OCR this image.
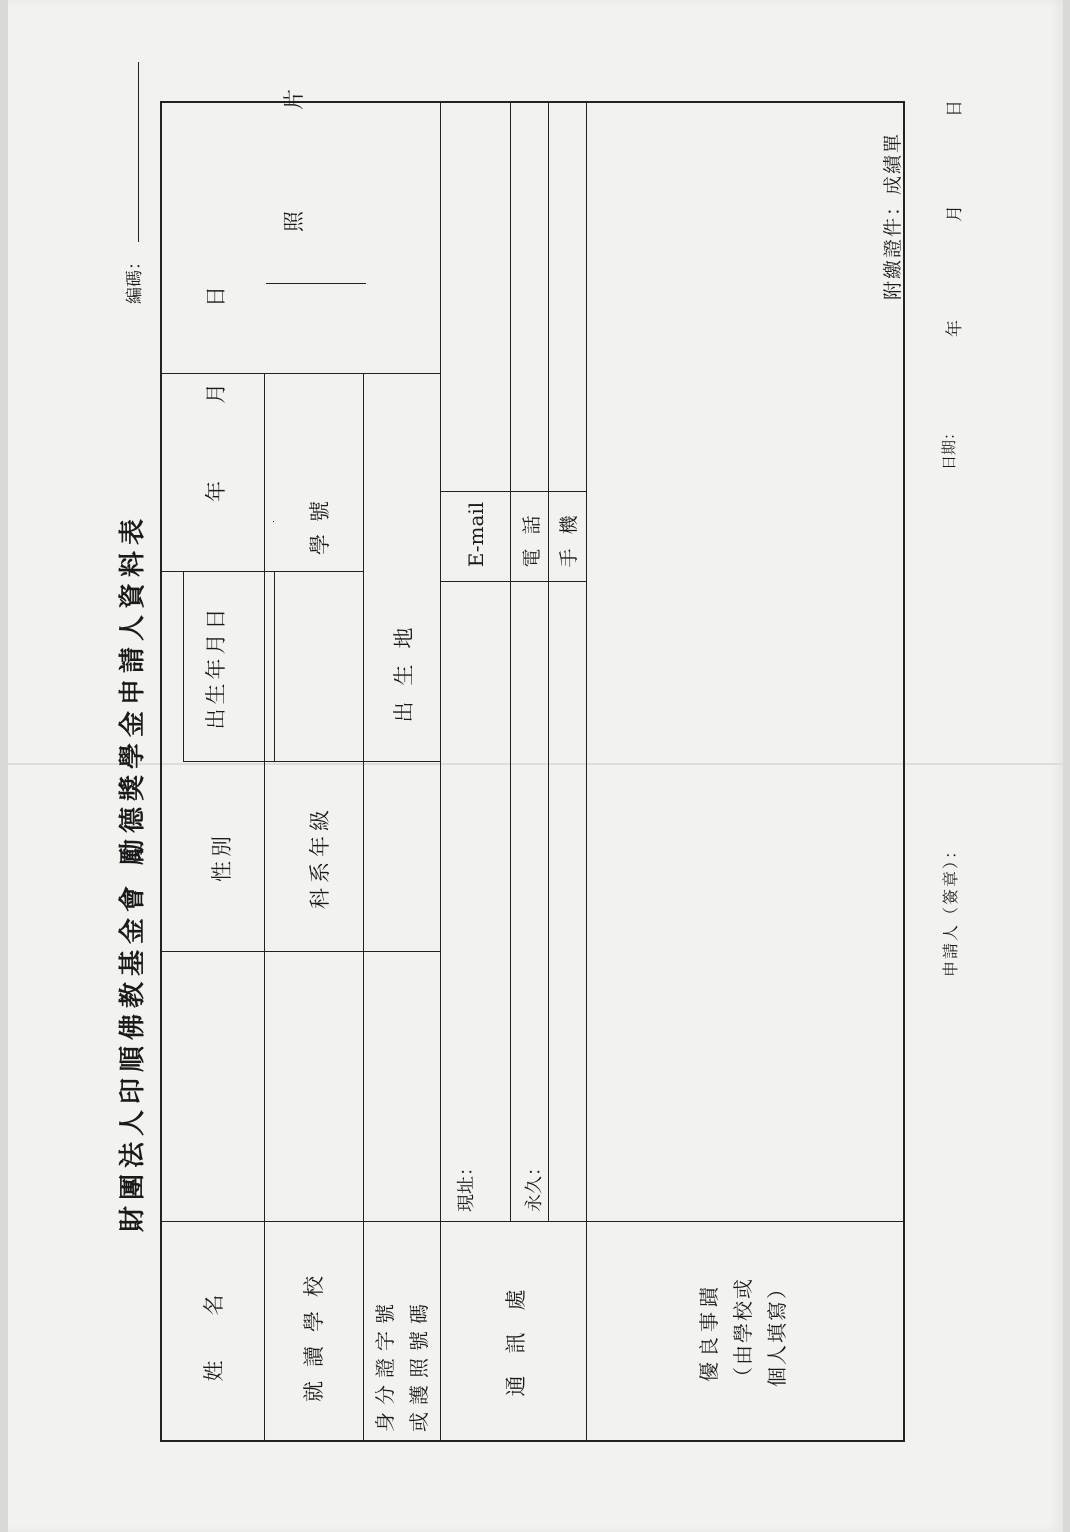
編碼：
財團法人印順佛教基金會 勵德獎學金申請人資料表
姓　名
性別
出生年月日
年
月
日
照　片
就讀學校
科系年級
學號
身分證字號 或護照號碼
出生地
通訊處
現址：	永久：
E-mail 電話 手機
優良事蹟 （由學校或 個人填寫）
附繳證件：成績單
申請人（簽章）：
日期：
年
月
日
